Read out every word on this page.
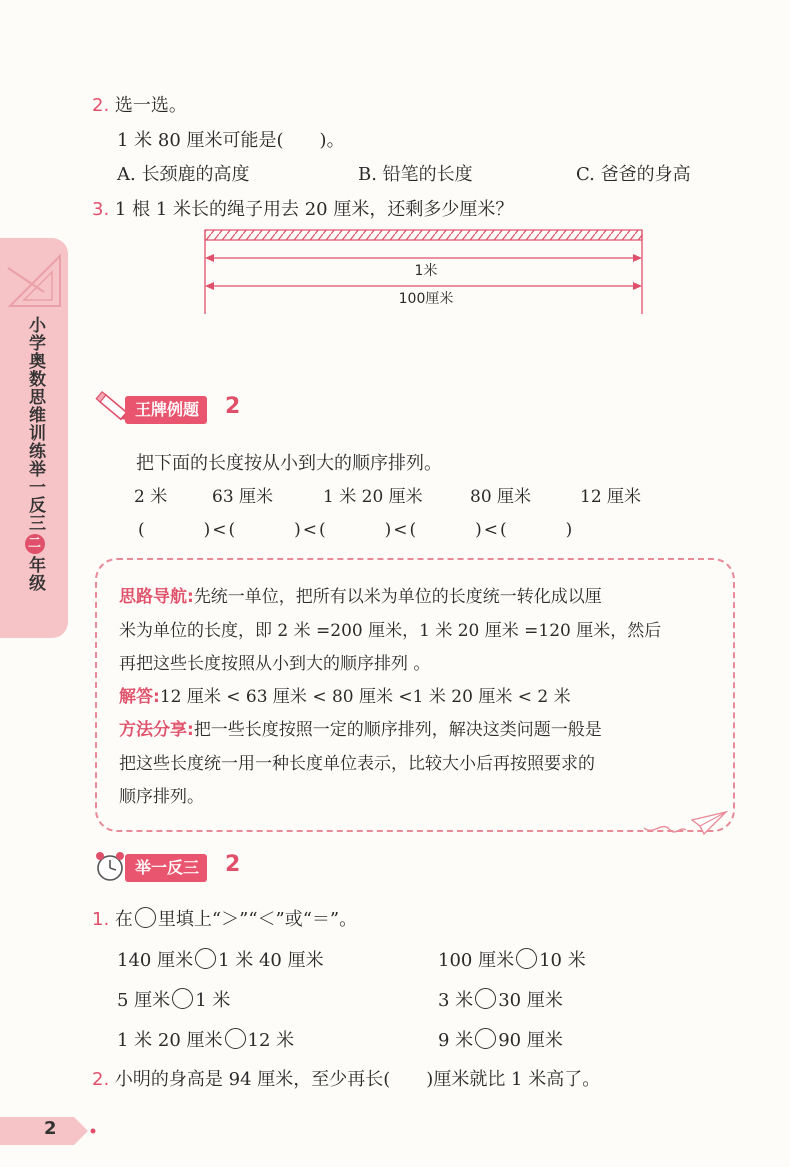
小学奥数思维训练举一反三二年级
2. 选一选。
1 米 80 厘米可能是(　　)。
A. 长颈鹿的高度	B. 铅笔的长度	C. 爸爸的身高
3. 1 根 1 米长的绳子用去 20 厘米，还剩多少厘米？
1米
100厘米
王牌例题	2
把下面的长度按从小到大的顺序排列。
2 米	63 厘米	1 米 20 厘米	80 厘米	12 厘米
(　　　)<(　　　)<(　　　)<(　　　)<(　　　)
思路导航:先统一单位，把所有以米为单位的长度统一转化成以厘
米为单位的长度，即 2 米 =200 厘米，1 米 20 厘米 =120 厘米，然后
再把这些长度按照从小到大的顺序排列 。
解答:12 厘米 < 63 厘米 < 80 厘米 <1 米 20 厘米 < 2 米
方法分享:把一些长度按照一定的顺序排列，解决这类问题一般是
把这些长度统一用一种长度单位表示，比较大小后再按照要求的
顺序排列。
举一反三	2
1. 在 里填上“＞”“＜”或“＝”。
140 厘米 1 米 40 厘米	100 厘米 10 米
5 厘米 1 米	3 米 30 厘米
1 米 20 厘米 12 米	9 米 90 厘米
2. 小明的身高是 94 厘米，至少再长(　　)厘米就比 1 米高了。
2
